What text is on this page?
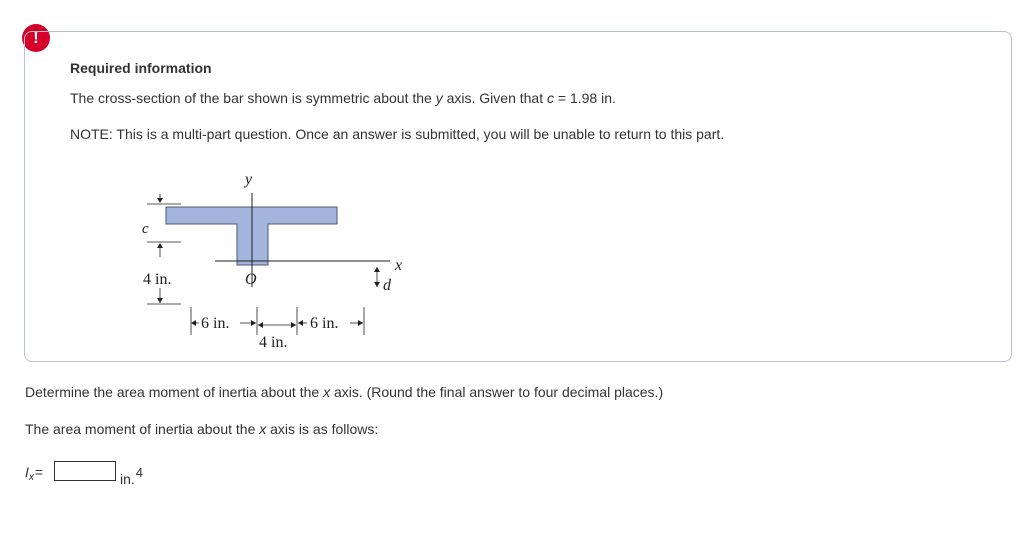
!
Required information
The cross-section of the bar shown is symmetric about the y axis. Given that c = 1.98 in.
NOTE: This is a multi-part question. Once an answer is submitted, you will be unable to return to this part.
y
x
O
c
4 in.	d
6 in.
4 in.
6 in.
Determine the area moment of inertia about the x axis. (Round the final answer to four decimal places.)
The area moment of inertia about the x axis is as follows:
$I_x=$	in.$^4$
